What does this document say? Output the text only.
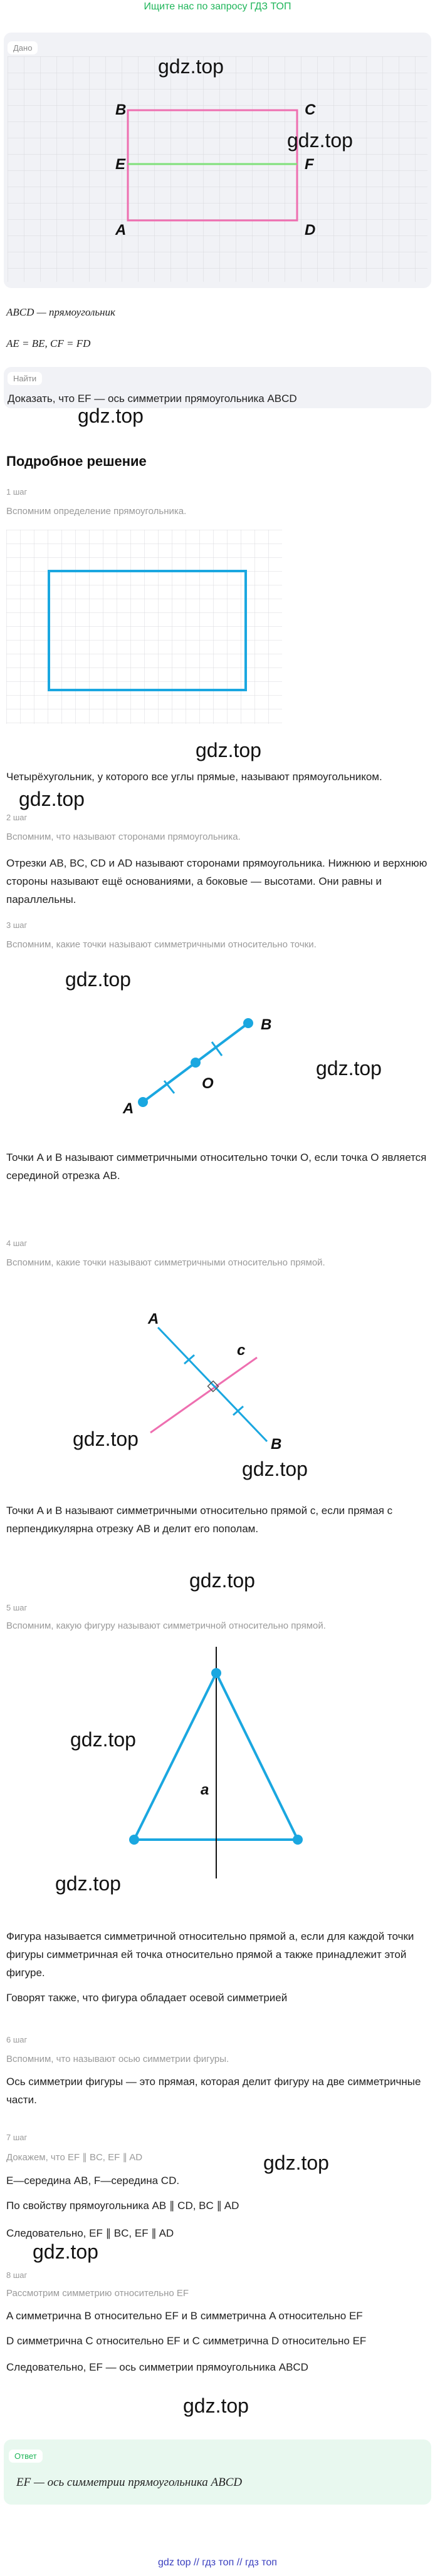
Ищите нас по запросу ГДЗ ТОП
Дано
B	C
E	F
A	D
gdz.top
gdz.top
ABCD — прямоугольник
AE = BE, CF = FD
Найти
gdz.top
Доказать, что EF — ось симметрии прямоугольника ABCD
Подробное решение
1 шаг
Вспомним определение прямоугольника.
gdz.top
Четырёхугольник, у которого все углы прямые, называют прямоугольником.
gdz.top
2 шаг
Вспомним, что называют сторонами прямоугольника.
Отрезки AB, BC, CD и AD называют сторонами прямоугольника. Нижнюю и верхнюю стороны называют ещё основаниями, а боковые — высотами. Они равны и параллельны.
3 шаг
Вспомним, какие точки называют симметричными относительно точки.
gdz.top
A
O
B
gdz.top
Точки A и B называют симметричными относительно точки O, если точка O является серединой отрезка AB.
4 шаг
Вспомним, какие точки называют симметричными относительно прямой.
A
c
B
gdz.top
gdz.top
Точки A и B называют симметричными относительно прямой c, если прямая c перпендикулярна отрезку AB и делит его пополам.
gdz.top
5 шаг
Вспомним, какую фигуру называют симметричной относительно прямой.
a
gdz.top
gdz.top
Фигура называется симметричной относительно прямой a, если для каждой точки фигуры симметричная ей точка относительно прямой a также принадлежит этой фигуре.
Говорят также, что фигура обладает осевой симметрией
6 шаг
Вспомним, что называют осью симметрии фигуры.
Ось симметрии фигуры — это прямая, которая делит фигуру на две симметричные части.
7 шаг
Докажем, что EF ∥ BC, EF ∥ AD	gdz.top
E—середина AB, F—середина CD.
По свойству прямоугольника AB ∥ CD, BC ∥ AD
Следовательно, EF ∥ BC, EF ∥ AD
gdz.top
8 шаг
Рассмотрим симметрию относительно EF
A симметрична B относительно EF и B симметрична A относительно EF
D симметрична C относительно EF и C симметрична D относительно EF
Следовательно, EF — ось симметрии прямоугольника ABCD
gdz.top
Ответ
EF — ось симметрии прямоугольника ABCD
gdz top // гдз топ // гдз топ
